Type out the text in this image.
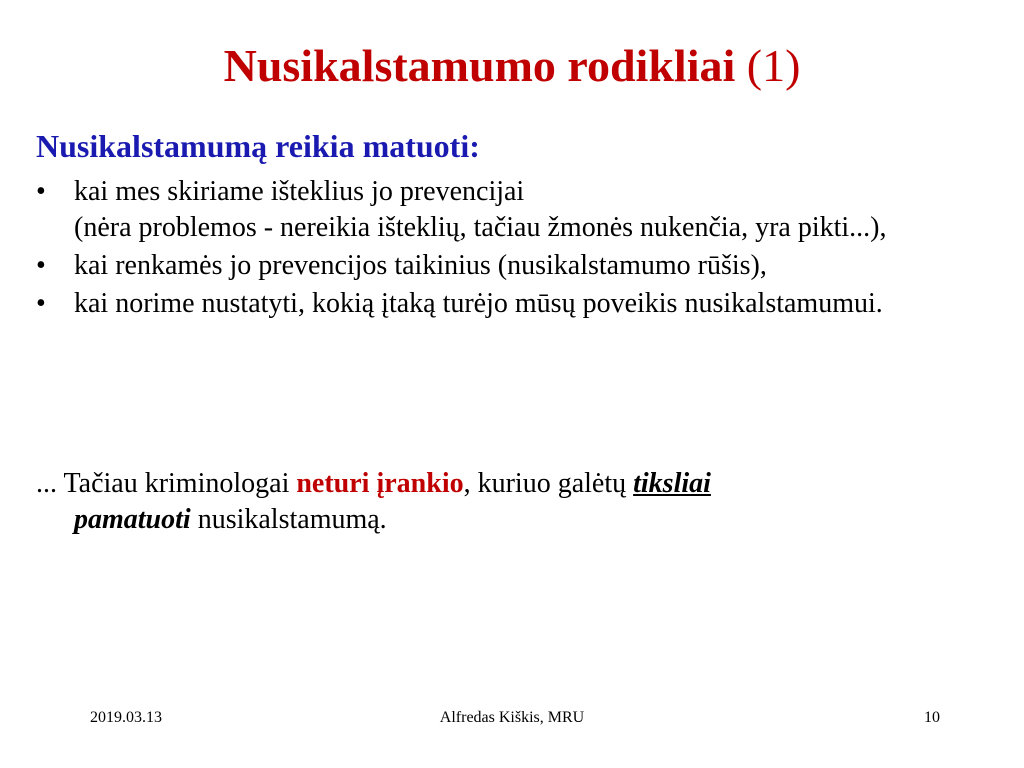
Nusikalstamumo rodikliai (1)
Nusikalstamumą reikia matuoti:
•	kai mes skiriame išteklius jo prevencijai
(nėra problemos - nereikia išteklių, tačiau žmonės nukenčia, yra pikti...),
•	kai renkamės jo prevencijos taikinius (nusikalstamumo rūšis),
•	kai norime nustatyti, kokią įtaką turėjo mūsų poveikis nusikalstamumui.
... Tačiau kriminologai neturi įrankio, kuriuo galėtų tiksliai
pamatuoti nusikalstamumą.
2019.03.13	Alfredas Kiškis, MRU	10
